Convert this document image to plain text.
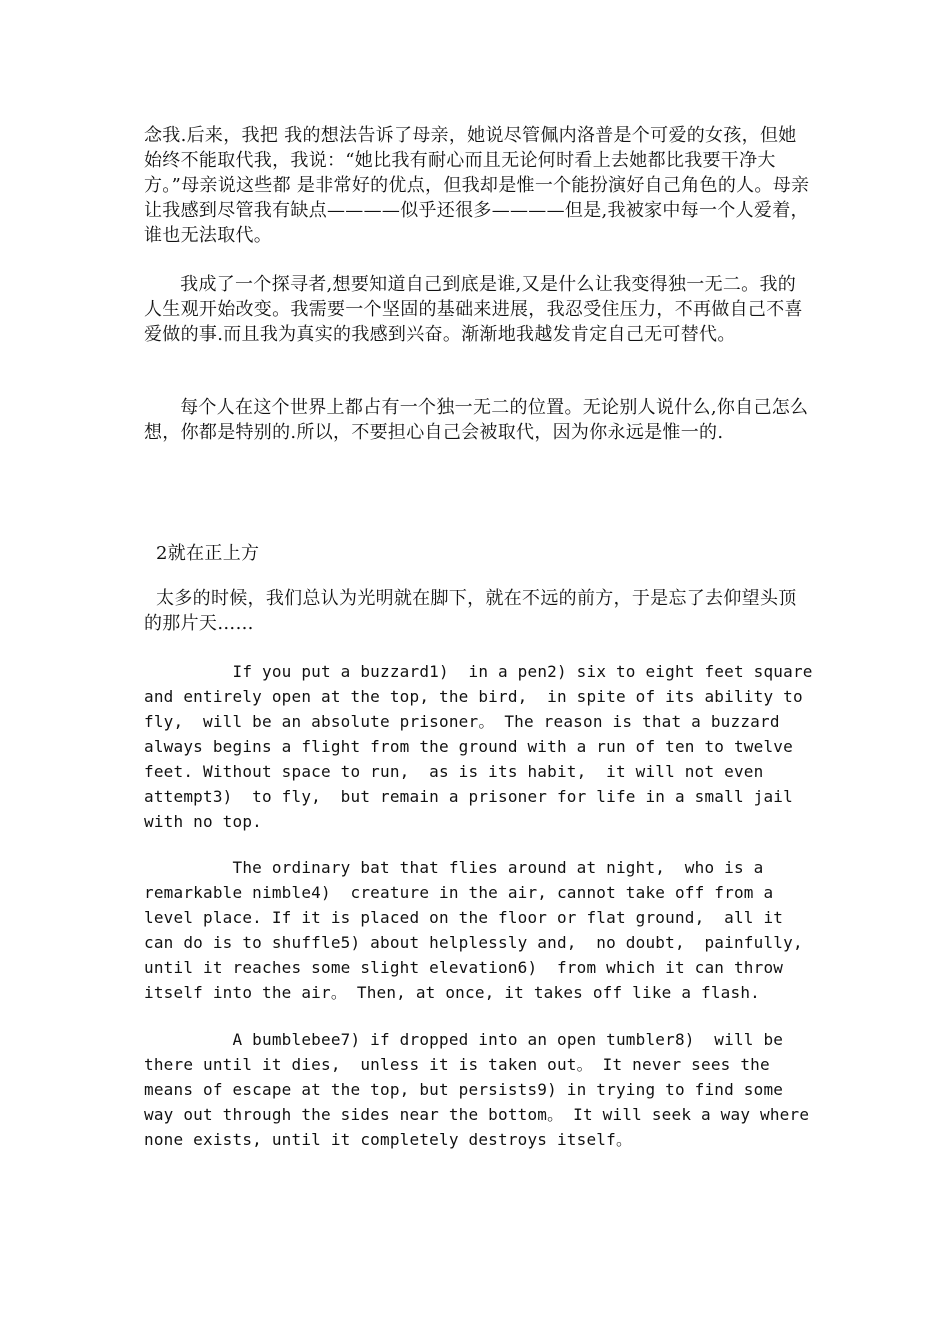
念我.后来，我把 我的想法告诉了母亲，她说尽管佩内洛普是个可爱的女孩，但她始终不能取代我，我说：“她比我有耐心而且无论何时看上去她都比我要干净大方。”母亲说这些都 是非常好的优点，但我却是惟一个能扮演好自己角色的人。母亲让我感到尽管我有缺点————似乎还很多————但是,我被家中每一个人爱着，谁也无法取代。

我成了一个探寻者,想要知道自己到底是谁,又是什么让我变得独一无二。我的人生观开始改变。我需要一个坚固的基础来进展，我忍受住压力，不再做自己不喜爱做的事.而且我为真实的我感到兴奋。渐渐地我越发肯定自己无可替代。

每个人在这个世界上都占有一个独一无二的位置。无论别人说什么,你自己怎么想，你都是特别的.所以，不要担心自己会被取代，因为你永远是惟一的.

2就在正上方

太多的时候，我们总认为光明就在脚下，就在不远的前方，于是忘了去仰望头顶的那片天……

If you put a buzzard1)  in a pen2) six to eight feet square and entirely open at the top, the bird,  in spite of its ability to fly,  will be an absolute prisoner。 The reason is that a buzzard always begins a flight from the ground with a run of ten to twelve feet. Without space to run,  as is its habit,  it will not even attempt3)  to fly,  but remain a prisoner for life in a small jail with no top.

The ordinary bat that flies around at night,  who is a remarkable nimble4)  creature in the air, cannot take off from a level place. If it is placed on the floor or flat ground,  all it can do is to shuffle5) about helplessly and,  no doubt,  painfully,  until it reaches some slight elevation6)  from which it can throw itself into the air。 Then, at once, it takes off like a flash.

A bumblebee7) if dropped into an open tumbler8)  will be there until it dies,  unless it is taken out。 It never sees the means of escape at the top, but persists9) in trying to find some way out through the sides near the bottom。 It will seek a way where none exists, until it completely destroys itself。
